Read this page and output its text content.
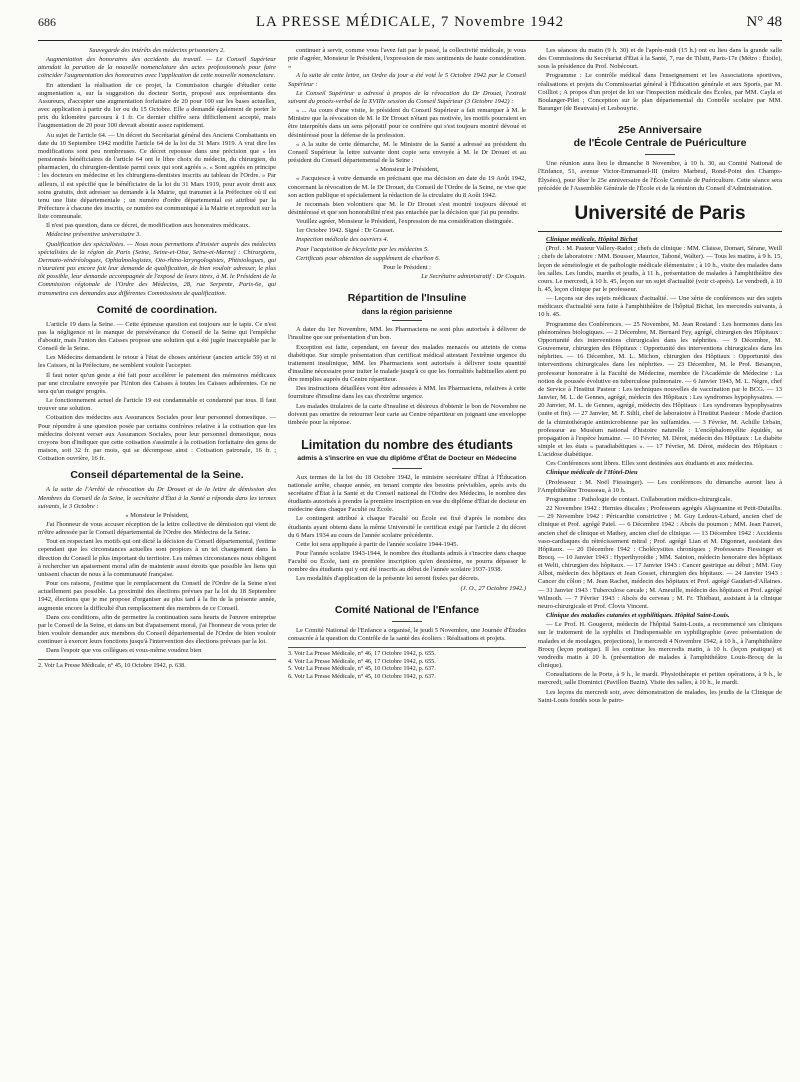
686	LA PRESSE MÉDICALE, 7 Novembre 1942	N° 48

Sauvegarde des intérêts des médecins prisonniers 2.

Augmentation des honoraires des accidents du travail. — Le Conseil Supérieur attendait la parution de la nouvelle nomenclature des actes professionnels pour faire coïncider l'augmentation des honoraires avec l'application de cette nouvelle nomenclature.

En attendant la réalisation de ce projet, la Commission chargée d'étudier cette augmentation a, sur la suggestion du docteur Sorin, proposé aux représentants des Assureurs, d'accepter une augmentation forfaitaire de 20 pour 100 sur les bases actuelles, avec application à partir du 1er ou du 15 Octobre. Elle a demandé également de porter le prix du kilomètre parcouru à 1 fr. Ce dernier chiffre sera difficilement accepté, mais l'augmentation de 20 pour 100 devrait aboutir assez rapidement.

Au sujet de l'article 64. — Un décret du Secrétariat général des Anciens Combattants en date du 10 Septembre 1942 modifie l'article 64 de la loi du 31 Mars 1919. A vrai dire les modifications sont peu nombreuses. Ce décret repousse dans une précision que « les pensionnés bénéficiaires de l'article 64 ont le libre choix du médecin, du chirurgien, du pharmacien, du chirurgien-dentiste parmi ceux qui sont agréés ». « Sont agréés en principe : les docteurs en médecine et les chirurgiens-dentistes inscrits au tableau de l'Ordre. » Par ailleurs, il est spécifié que le bénéficiaire de la loi du 31 Mars 1919, pour avoir droit aux soins gratuits, doit adresser sa demande à la Mairie, qui transmet à la Préfecture où il est tenu une liste départementale ; un numéro d'ordre départemental est attribué par la Préfecture à chacune des inscrits, ce numéro est communiqué à la Mairie et reproduit sur la liste communale.

Il n'est pas question, dans ce décret, de modification aux honoraires médicaux.

Médecine préventive universitaire 3.

Qualification des spécialistes. — Nous nous permettons d'insister auprès des médecins spécialistes de la région de Paris (Seine, Seine-et-Oise, Seine-et-Marne) : Chirurgiens, Dermato-vénéréologues, Ophtalmologistes, Oto-rhino-laryngologistes, Phtisiologues, qui n'auraient pas encore fait leur demande de qualification, de bien vouloir adresser, le plus tôt possible, leur demande accompagnée de l'exposé de leurs titres, à M. le Président de la Commission régionale de l'Ordre des Médecins, 28, rue Serpente, Paris-6e, qui transmettra ces demandes aux différentes Commissions de qualification.

Comité de coordination.

L'article 19 dans la Seine. — Cette épineuse question est toujours sur le tapis. Ce n'est pas la négligence ni le manque de persévérance du Conseil de la Seine qui l'empêche d'aboutir, mais l'union des Caisses propose une solution qui a été jugée inacceptable par le Conseil de la Seine.

Les Médecins demandent le retour à l'état de choses antérieur (ancien article 59) et ni les Caisses, ni la Préfecture, ne semblent vouloir l'accepter.

Il faut noter qu'un geste a été fait pour accélérer le paiement des mémoires médicaux par une circulaire envoyée par l'Union des Caisses à toutes les Caisses adhérentes. Ce ne sera qu'un maigre progrès.

Le fonctionnement actuel de l'article 19 est condamnable et condamné par tous. Il faut trouver une solution.

Cotisation des médecins aux Assurances Sociales pour leur personnel domestique. — Pour répondre à une question posée par certains confrères relative à la cotisation que les médecins doivent verser aux Assurances Sociales, pour leur personnel domestique, nous croyons bon d'indiquer que cette cotisation s'assimile à la cotisation forfaitaire des gens de maison, soit 32 fr. par mois, qui se décompose ainsi : Cotisation patronale, 16 fr. ; Cotisation ouvrière, 16 fr.

Conseil départemental de la Seine.

A la suite de l'Arrêté de révocation du Dr Drouet et de la lettre de démission des Membres du Conseil de la Seine, le secrétaire d'État à la Santé a répondu dans les termes suivants, le 3 Octobre :

« Monsieur le Président,

J'ai l'honneur de vous accuser réception de la lettre collective de démission qui vient de m'être adressée par le Conseil départemental de l'Ordre des Médecins de la Seine.

Tout en respectant les motifs qui ont dicté la décision du Conseil départemental, j'estime cependant que les circonstances actuelles sont propices à un tel changement dans la direction du Conseil le plus important du territoire. Les mêmes circonstances nous obligent à rechercher un apaisement moral afin de maintenir aussi étroits que possible les liens qui unissent chacun de nous à la communauté française.

Pour ces raisons, j'estime que le remplacement du Conseil de l'Ordre de la Seine n'est actuellement pas possible. La proximité des élections prévues par la loi du 18 Septembre 1942, élections que je me propose d'organiser au plus tard à la fin de la présente année, augmente encore la difficulté d'un remplacement des membres de ce Conseil.

Dans ces conditions, afin de permettre la continuation sans heurts de l'œuvre entreprise par le Conseil de la Seine, et dans un but d'apaisement moral, j'ai l'honneur de vous prier de bien vouloir demander aux membres du Conseil départemental de l'Ordre de bien vouloir continuer à exercer leurs fonctions jusqu'à l'intervention des élections prévues par la loi.

Dans l'espoir que vos collègues et vous-même voudrez bien

2. Voir La Presse Médicale, n° 45, 10 Octobre 1942, p. 638.

continuer à servir, comme vous l'avez fait par le passé, la collectivité médicale, je vous prie d'agréer, Monsieur le Président, l'expression de mes sentiments de haute considération. »

A la suite de cette lettre, un Ordre du jour a été voté le 5 Octobre 1942 par le Conseil Supérieur :

Le Conseil Supérieur a adressé à propos de la révocation du Dr Drouet, l'extrait suivant du procès-verbal de la XVIIIe session du Conseil Supérieur (3 Octobre 1942) :

« ... Au cours d'une visite, le président du Conseil Supérieur a fait remarquer à M. le Ministre que la révocation de M. le Dr Drouet n'étant pas motivée, les motifs pourraient en être interprétés dans un sens péjoratif pour ce confrère qui s'est toujours montré dévoué et désintéressé pour la défense de la profession.

« A la suite de cette démarche, M. le Ministre de la Santé a adressé au président du Conseil Supérieur la lettre suivante dont copie sera envoyée à M. le Dr Drouet et au président du Conseil départemental de la Seine :

« Monsieur le Président,

« J'acquiesce à votre demande en précisant que ma décision en date du 19 Août 1942, concernant la révocation de M. le Dr Drouet, du Conseil de l'Ordre de la Seine, ne vise que son action publique et spécialement la rédaction de la circulaire du 8 Août 1942.

Je reconnais bien volontiers que M. le Dr Drouet s'est montré toujours dévoué et désintéressé et que son honorabilité n'est pas entachée par la décision que j'ai pu prendre.

Veuillez agréer, Monsieur le Président, l'expression de ma considération distinguée.

1er Octobre 1942. Signé : Dr Grasset.

Inspection médicale des ouvriers 4.

Pour l'acquisition de bicyclette par les médecins 5.

Certificats pour obtention de supplément de charbon 6.

Pour le Président :

Le Secrétaire administratif : Dr Coquin.

Répartition de l'Insuline
dans la région parisienne

A dater du 1er Novembre, MM. les Pharmaciens ne sont plus autorisés à délivrer de l'insuline que sur présentation d'un bon.

Exception est faite, cependant, en faveur des malades menacés ou atteints de coma diabétique. Sur simple présentation d'un certificat médical attestant l'extrême urgence du traitement insulinique, MM. les Pharmaciens sont autorisés à délivrer toute quantité d'insuline nécessaire pour traiter le malade jusqu'à ce que les formalités habituelles aient pu être remplies auprès du Centre répartiteur.

Des instructions détaillées vont être adressées à MM. les Pharmaciens, relatives à cette fourniture d'insuline dans les cas d'extrême urgence.

Les malades titulaires de la carte d'insuline et désireux d'obtenir le bon de Novembre ne doivent pas omettre de retourner leur carte au Centre répartiteur en joignant une enveloppe timbrée pour la réponse.

Limitation du nombre des étudiants
admis à s'inscrire en vue du diplôme d'État de Docteur en Médecine

Aux termes de la loi du 18 Octobre 1942, le ministre secrétaire d'État à l'Éducation nationale arrête, chaque année, en tenant compte des besoins prévisibles, après avis du secrétaire d'État à la Santé et du Conseil national de l'Ordre des Médecins, le nombre des étudiants autorisés à prendre la première inscription en vue du diplôme d'État de docteur en médecine dans chaque Faculté ou École.

Le contingent attribué à chaque Faculté ou École est fixé d'après le nombre des étudiants ayant obtenu dans la même Université le certificat exigé par l'article 2 du décret du 6 Mars 1934 au cours de l'année scolaire précédente.

Cette loi sera appliquée à partir de l'année scolaire 1944-1945.

Pour l'année scolaire 1943-1944, le nombre des étudiants admis à s'inscrire dans chaque Faculté ou École, tant en première inscription qu'en deuxième, ne pourra dépasser le nombre des étudiants qui y ont été inscrits au début de l'année scolaire 1937-1938.

Les modalités d'application de la présente loi seront fixées par décrets.

(J. O., 27 Octobre 1942.)

Comité National de l'Enfance

Le Comité National de l'Enfance a organisé, le jeudi 5 Novembre, une Journée d'Études consacrée à la question du Contrôle de la santé des écoliers : Réalisations et projets.

3. Voir La Presse Médicale, n° 46, 17 Octobre 1942, p. 655.
4. Voir La Presse Médicale, n° 46, 17 Octobre 1942, p. 655.
5. Voir La Presse Médicale, n° 45, 10 Octobre 1942, p. 637.
6. Voir La Presse Médicale, n° 45, 10 Octobre 1942, p. 637.

Les séances du matin (9 h. 30) et de l'après-midi (15 h.) ont eu lieu dans la grande salle des Commissions du Secrétariat d'État à la Santé, 7, rue de Tilsitt, Paris-17e (Métro : Étoile), sous la présidence du Prof. Nobécourt.

Programme : Le contrôle médical dans l'enseignement et les Associations sportives, réalisations et projets du Commissariat général à l'Éducation générale et aux Sports, par M. Coilliot ; A propos d'un projet de loi sur l'inspection médicale des Écoles, par MM. Cayla et Boulanger-Pilet ; Conception sur le plan départemental du Contrôle scolaire par MM. Baranger (de Beauvais) et Lesbouyrie.

25e Anniversaire
de l'École Centrale de Puériculture

Une réunion aura lieu le dimanche 8 Novembre, à 10 h. 30, au Comité National de l'Enfance, 51, avenue Victor-Emmanuel-III (métro Marbeuf, Rond-Point des Champs-Élysées), pour fêter le 25e anniversaire de l'École Centrale de Puériculture. Cette séance sera précédée de l'Assemblée Générale de l'École et de la réunion du Conseil d'Administration.

Université de Paris

Clinique médicale, Hôpital Bichat

(Prof. : M. Pasteur Vallery-Radot ; chefs de clinique : MM. Claisse, Domart, Sérane, Weill ; chefs de laboratoire : MM. Bousser, Maurice, Taboné, Walter). — Tous les matins, à 9 h. 15, leçon de séméiologie et de pathologie médicale élémentaire ; à 10 h., visite des malades dans les salles. Les lundis, mardis et jeudis, à 11 h., présentation de malades à l'amphithéâtre des cours. Le mercredi, à 10 h. 45, leçon sur un sujet d'actualité (voir ci-après). Le vendredi, à 10 h. 45, leçon clinique par le professeur.

— Leçons sur des sujets médicaux d'actualité. — Une série de conférences sur des sujets médicaux d'actualité sera faite à l'amphithéâtre de l'hôpital Bichat, les mercredis suivants, à 10 h. 45.

Programme des Conférences. — 25 Novembre, M. Jean Rostand : Les hormones dans les phénomènes biologiques. — 2 Décembre, M. Bernard Fey, agrégé, chirurgien des Hôpitaux : Opportunité des interventions chirurgicales dans les néphrites. — 9 Décembre, M. Gouverneur, chirurgien des Hôpitaux : Opportunité des interventions chirurgicales dans les néphrites. — 16 Décembre, M. L. Michon, chirurgien des Hôpitaux : Opportunité des interventions chirurgicales dans les néphrites. — 23 Décembre, M. le Prof. Besançon, professeur honoraire à la Faculté de Médecine, membre de l'Académie de Médecine : La notion de poussée évolutive en tuberculose pulmonaire. — 6 Janvier 1943, M. L. Nègre, chef de Service à l'Institut Pasteur : Les techniques nouvelles de vaccination par le BCG. — 13 Janvier, M. L. de Gennes, agrégé, médecin des Hôpitaux : Les syndromes hypophysaires. — 20 Janvier, M. L. de Gennes, agrégé, médecin des Hôpitaux : Les syndromes hypophysaires (suite et fin). — 27 Janvier, M. F. Siltli, chef de laboratoire à l'Institut Pasteur : Mode d'action de la chimiothérapie antimicrobienne par les sulfamides. — 3 Février, M. Achille Urbain, professeur au Muséum national d'histoire naturelle : L'encéphalomyélite équidés, sa propagation à l'espèce humaine. — 10 Février, M. Dérot, médecin des Hôpitaux : Le diabète simple et les états « paradiabétiques ». — 17 Février, M. Dérot, médecin des Hôpitaux : L'acidose diabétique.

Ces Conférences sont libres. Elles sont destinées aux étudiants et aux médecins.

Clinique médicale de l'Hôtel-Dieu

(Professeur : M. Noël Fiessinger). — Les conférences du dimanche auront lieu à l'Amphithéâtre Trousseau, à 10 h.

Programme : Pathologie de contact. Collaboration médico-chirurgicale.

22 Novembre 1942 : Hernies discales ; Professeurs agrégés Alajouanine et Petit-Dutaillis. — 29 Novembre 1942 : Péricardite constrictive ; M. Guy Ledoux-Lebard, ancien chef de clinique et Prof. agrégé Patel. — 6 Décembre 1942 : Abcès du poumon ; MM. Jean Fauvet, ancien chef de clinique et Mathey, ancien chef de clinique. — 13 Décembre 1942 : Accidents vaso-cardiaques du rétrécissement mitral ; Prof. agrégé Lian et M. Digonnet, assistant des Hôpitaux. — 20 Décembre 1942 : Cholécystites chroniques ; Professeurs Fiessinger et Brocq. — 10 Janvier 1943 : Hyperthyroïdie ; MM. Sainton, médecin honoraire des hôpitaux et Welti, chirurgien des hôpitaux. — 17 Janvier 1943 : Cancer gastrique au début ; MM. Guy Albot, médecin des hôpitaux et Jean Gosset, chirurgien des hôpitaux. — 24 Janvier 1943 : Cancer du côlon ; M. Jean Rachet, médecin des hôpitaux et Prof. agrégé Gaudart-d'Allaines. — 31 Janvier 1943 : Tuberculose cæcale ; M. Ameuille, médecin des hôpitaux et Prof. agrégé Wilmoth. — 7 Février 1943 : Abcès du cerveau ; M. Fr. Thiébaut, assistant à la clinique neuro-chirurgicale et Prof. Clovis Vincent.

Clinique des maladies cutanées et syphilitiques. Hôpital Saint-Louis.

— Le Prof. H. Gougerot, médecin de l'hôpital Saint-Louis, a recommencé ses cliniques sur le traitement de la syphilis et l'indispensable en syphiligraphie (avec présentation de malades et de moulages, projections), le mercredi 4 Novembre 1942, à 10 h., à l'amphithéâtre Brocq (leçon pratique). Il les continue les mercredis matin, à 10 h. (leçon pratique) et vendredis matin à 10 h. (présentation de malades à l'amphithéâtre Louis-Brocq de la clinique).

Consultations de la Porte, à 9 h., le mardi. Physiothérapie et petites opérations, à 9 h., le mercredi, salle Dominici (Pavillon Bazin). Visite des salles, à 10 h., le mardi.

Les leçons du mercredi soir, avec démonstration de malades, les jeudis de la Clinique de Saint-Louis fondés sous le patro-
